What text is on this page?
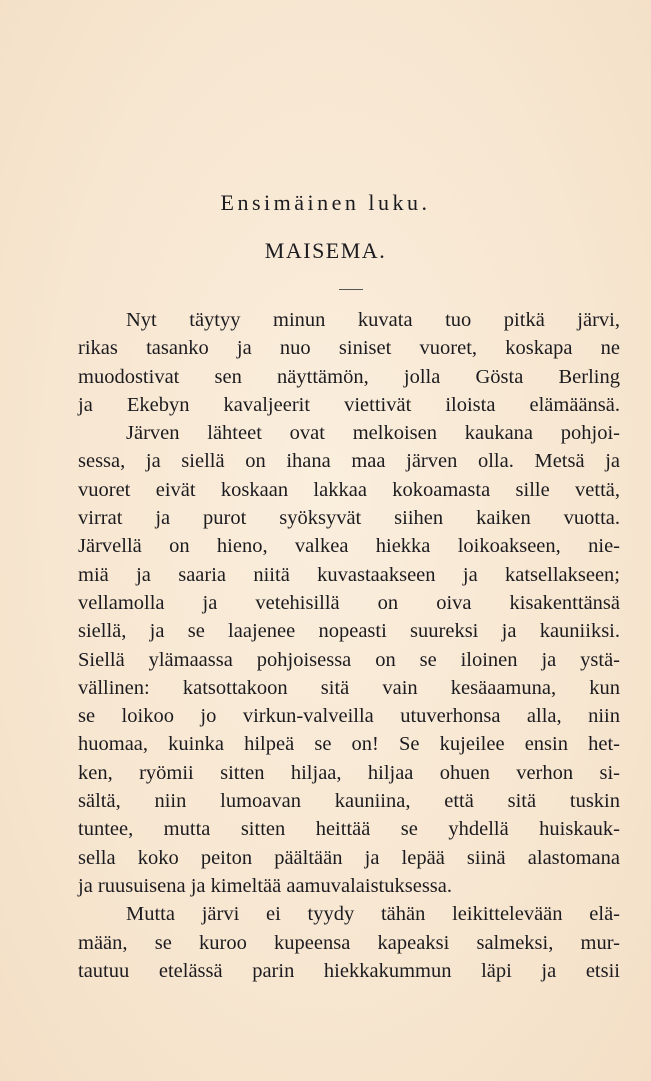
Ensimäinen luku.
MAISEMA.
Nyt täytyy minun kuvata tuo pitkä järvi,
rikas tasanko ja nuo siniset vuoret, koskapa ne
muodostivat sen näyttämön, jolla Gösta Berling
ja Ekebyn kavaljeerit viettivät iloista elämäänsä.
Järven lähteet ovat melkoisen kaukana pohjoi-
sessa, ja siellä on ihana maa järven olla. Metsä ja
vuoret eivät koskaan lakkaa kokoamasta sille vettä,
virrat ja purot syöksyvät siihen kaiken vuotta.
Järvellä on hieno, valkea hiekka loikoakseen, nie-
miä ja saaria niitä kuvastaakseen ja katsellakseen;
vellamolla ja vetehisillä on oiva kisakenttänsä
siellä, ja se laajenee nopeasti suureksi ja kauniiksi.
Siellä ylämaassa pohjoisessa on se iloinen ja ystä-
vällinen: katsottakoon sitä vain kesäaamuna, kun
se loikoo jo virkun-valveilla utuverhonsa alla, niin
huomaa, kuinka hilpeä se on! Se kujeilee ensin het-
ken, ryömii sitten hiljaa, hiljaa ohuen verhon si-
sältä, niin lumoavan kauniina, että sitä tuskin
tuntee, mutta sitten heittää se yhdellä huiskauk-
sella koko peiton päältään ja lepää siinä alastomana
ja ruusuisena ja kimeltää aamuvalaistuksessa.
Mutta järvi ei tyydy tähän leikittelevään elä-
mään, se kuroo kupeensa kapeaksi salmeksi, mur-
tautuu etelässä parin hiekkakummun läpi ja etsii
